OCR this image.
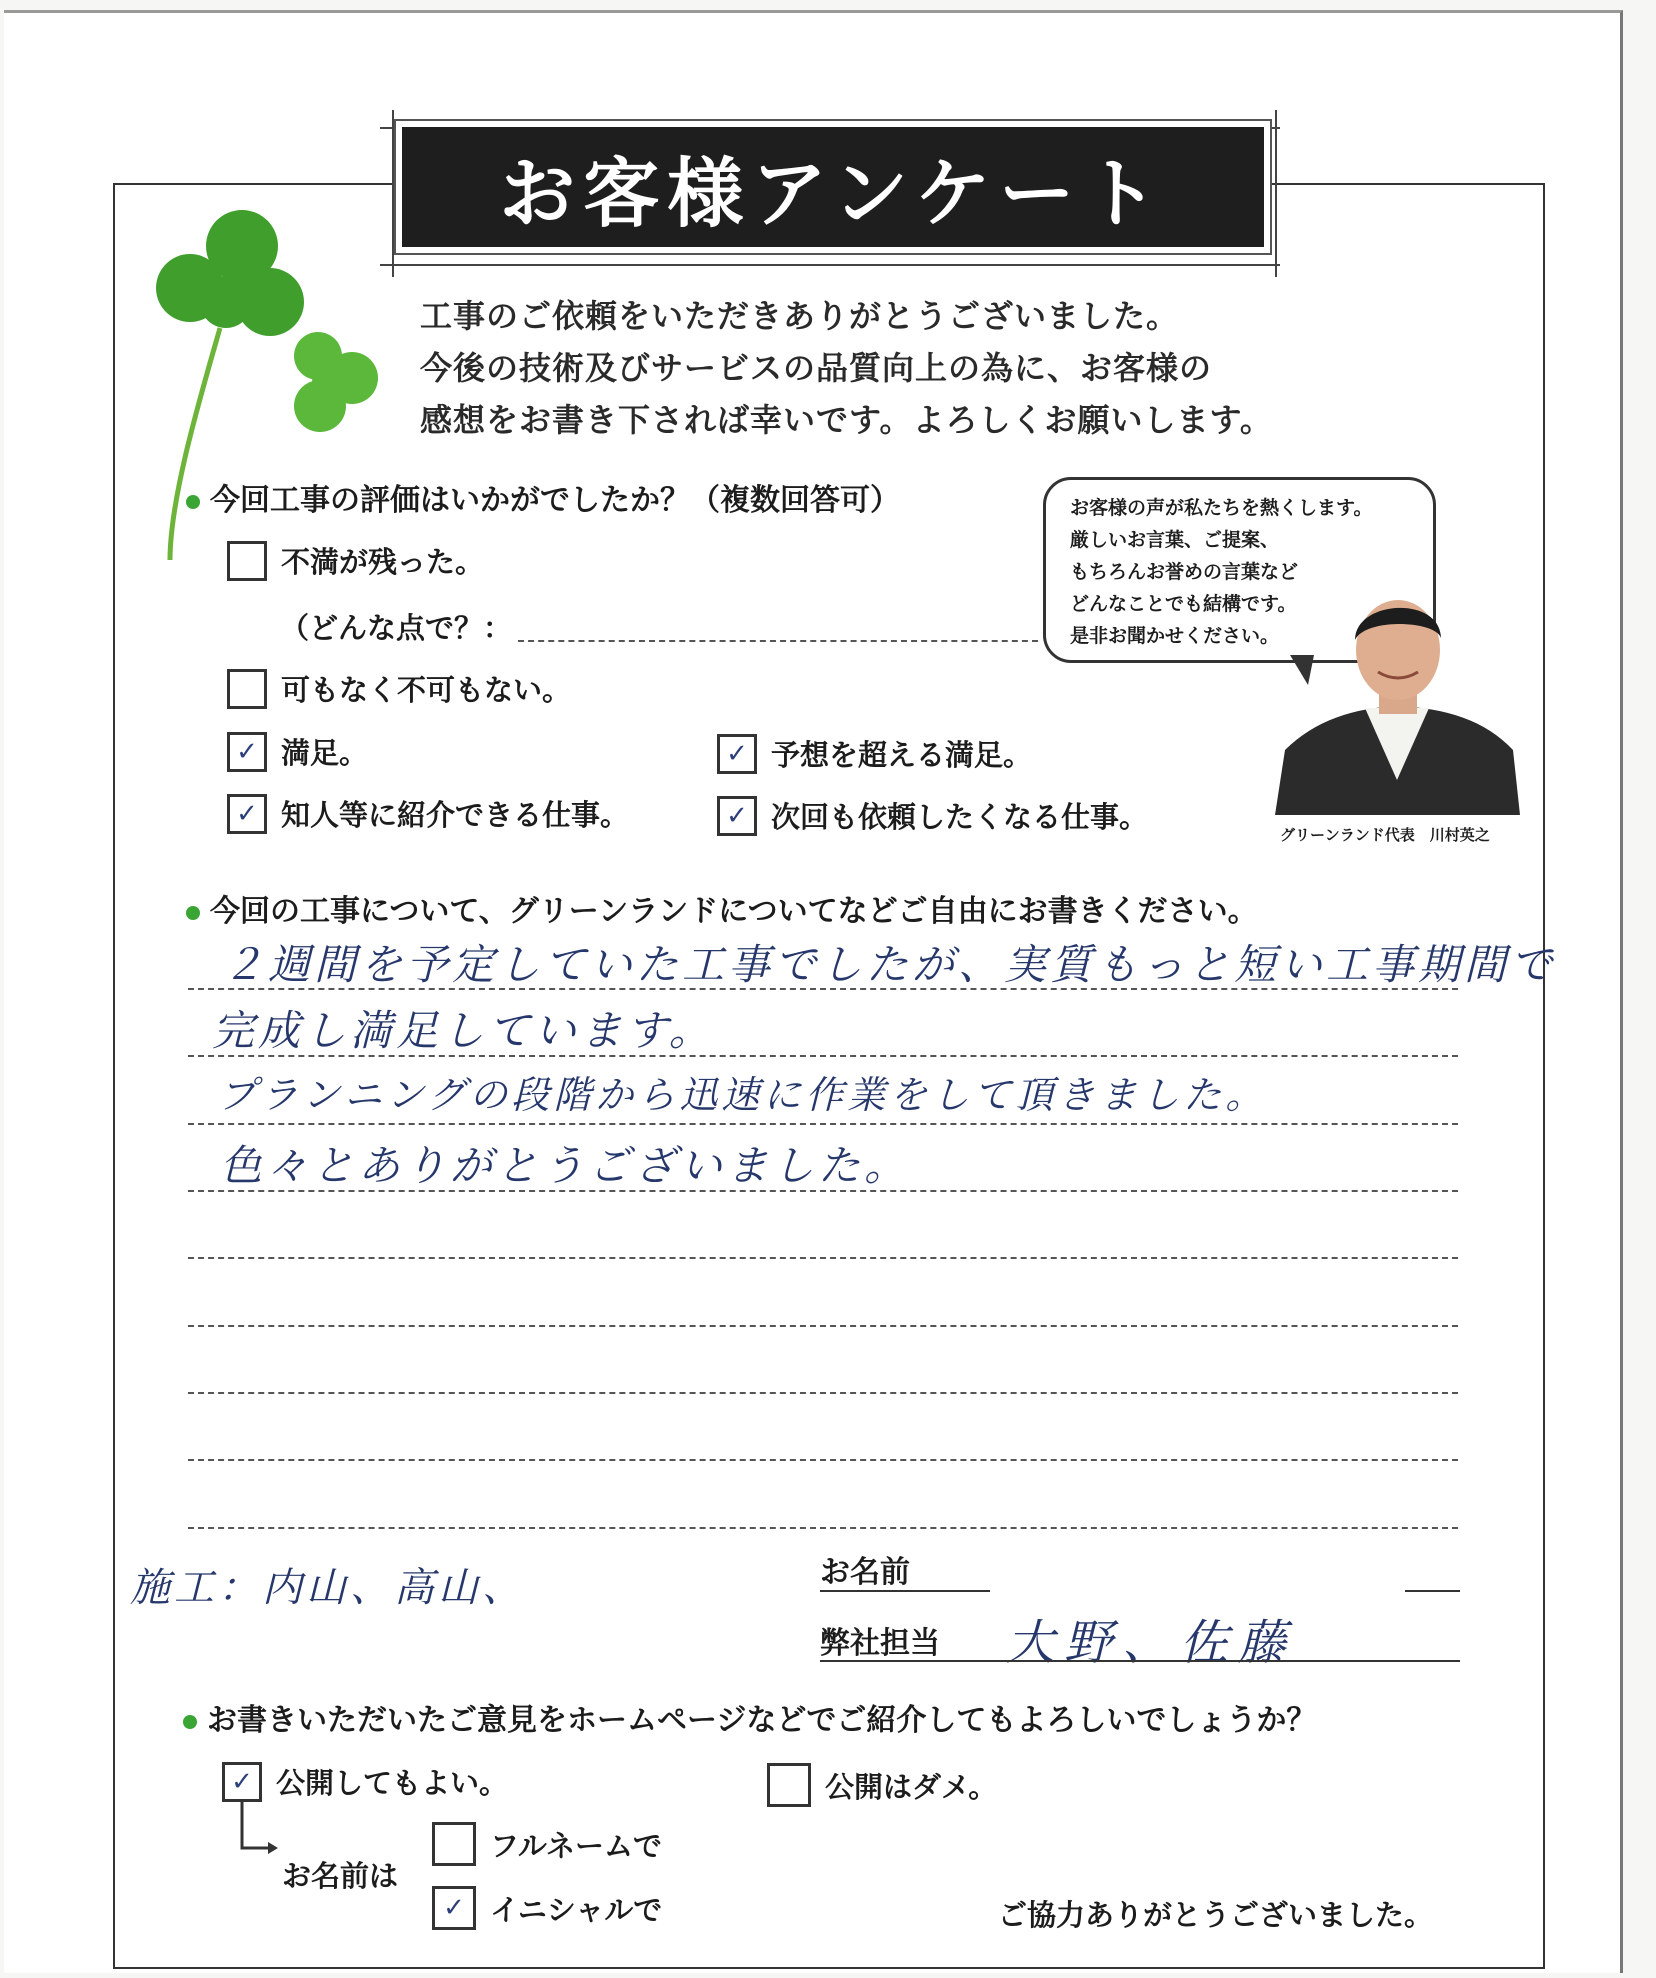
お客様アンケート
工事のご依頼をいただきありがとうございました。
今後の技術及びサービスの品質向上の為に、お客様の
感想をお書き下されば幸いです。よろしくお願いします。
今回工事の評価はいかがでしたか？（複数回答可）
不満が残った。
（どんな点で？：
可もなく不可もない。
✓ 満足。	✓ 予想を超える満足。
✓ 知人等に紹介できる仕事。	✓ 次回も依頼したくなる仕事。

お客様の声が私たちを熱くします。

厳しいお言葉、ご提案、

もちろんお誉めの言葉など

どんなことでも結構です。

是非お聞かせください。

グリーンランド代表　川村英之
今回の工事について、グリーンランドについてなどご自由にお書きください。
２週間を予定していた工事でしたが、実質もっと短い工事期間で
完成し満足しています。
プランニングの段階から迅速に作業をして頂きました。
色々とありがとうございました。
施工：内山、高山、	お名前
弊社担当 大野、佐藤
お書きいただいたご意見をホームページなどでご紹介してもよろしいでしょうか？
✓ 公開してもよい。	公開はダメ。
お名前は
フルネームで
✓ イニシャルで	ご協力ありがとうございました。
